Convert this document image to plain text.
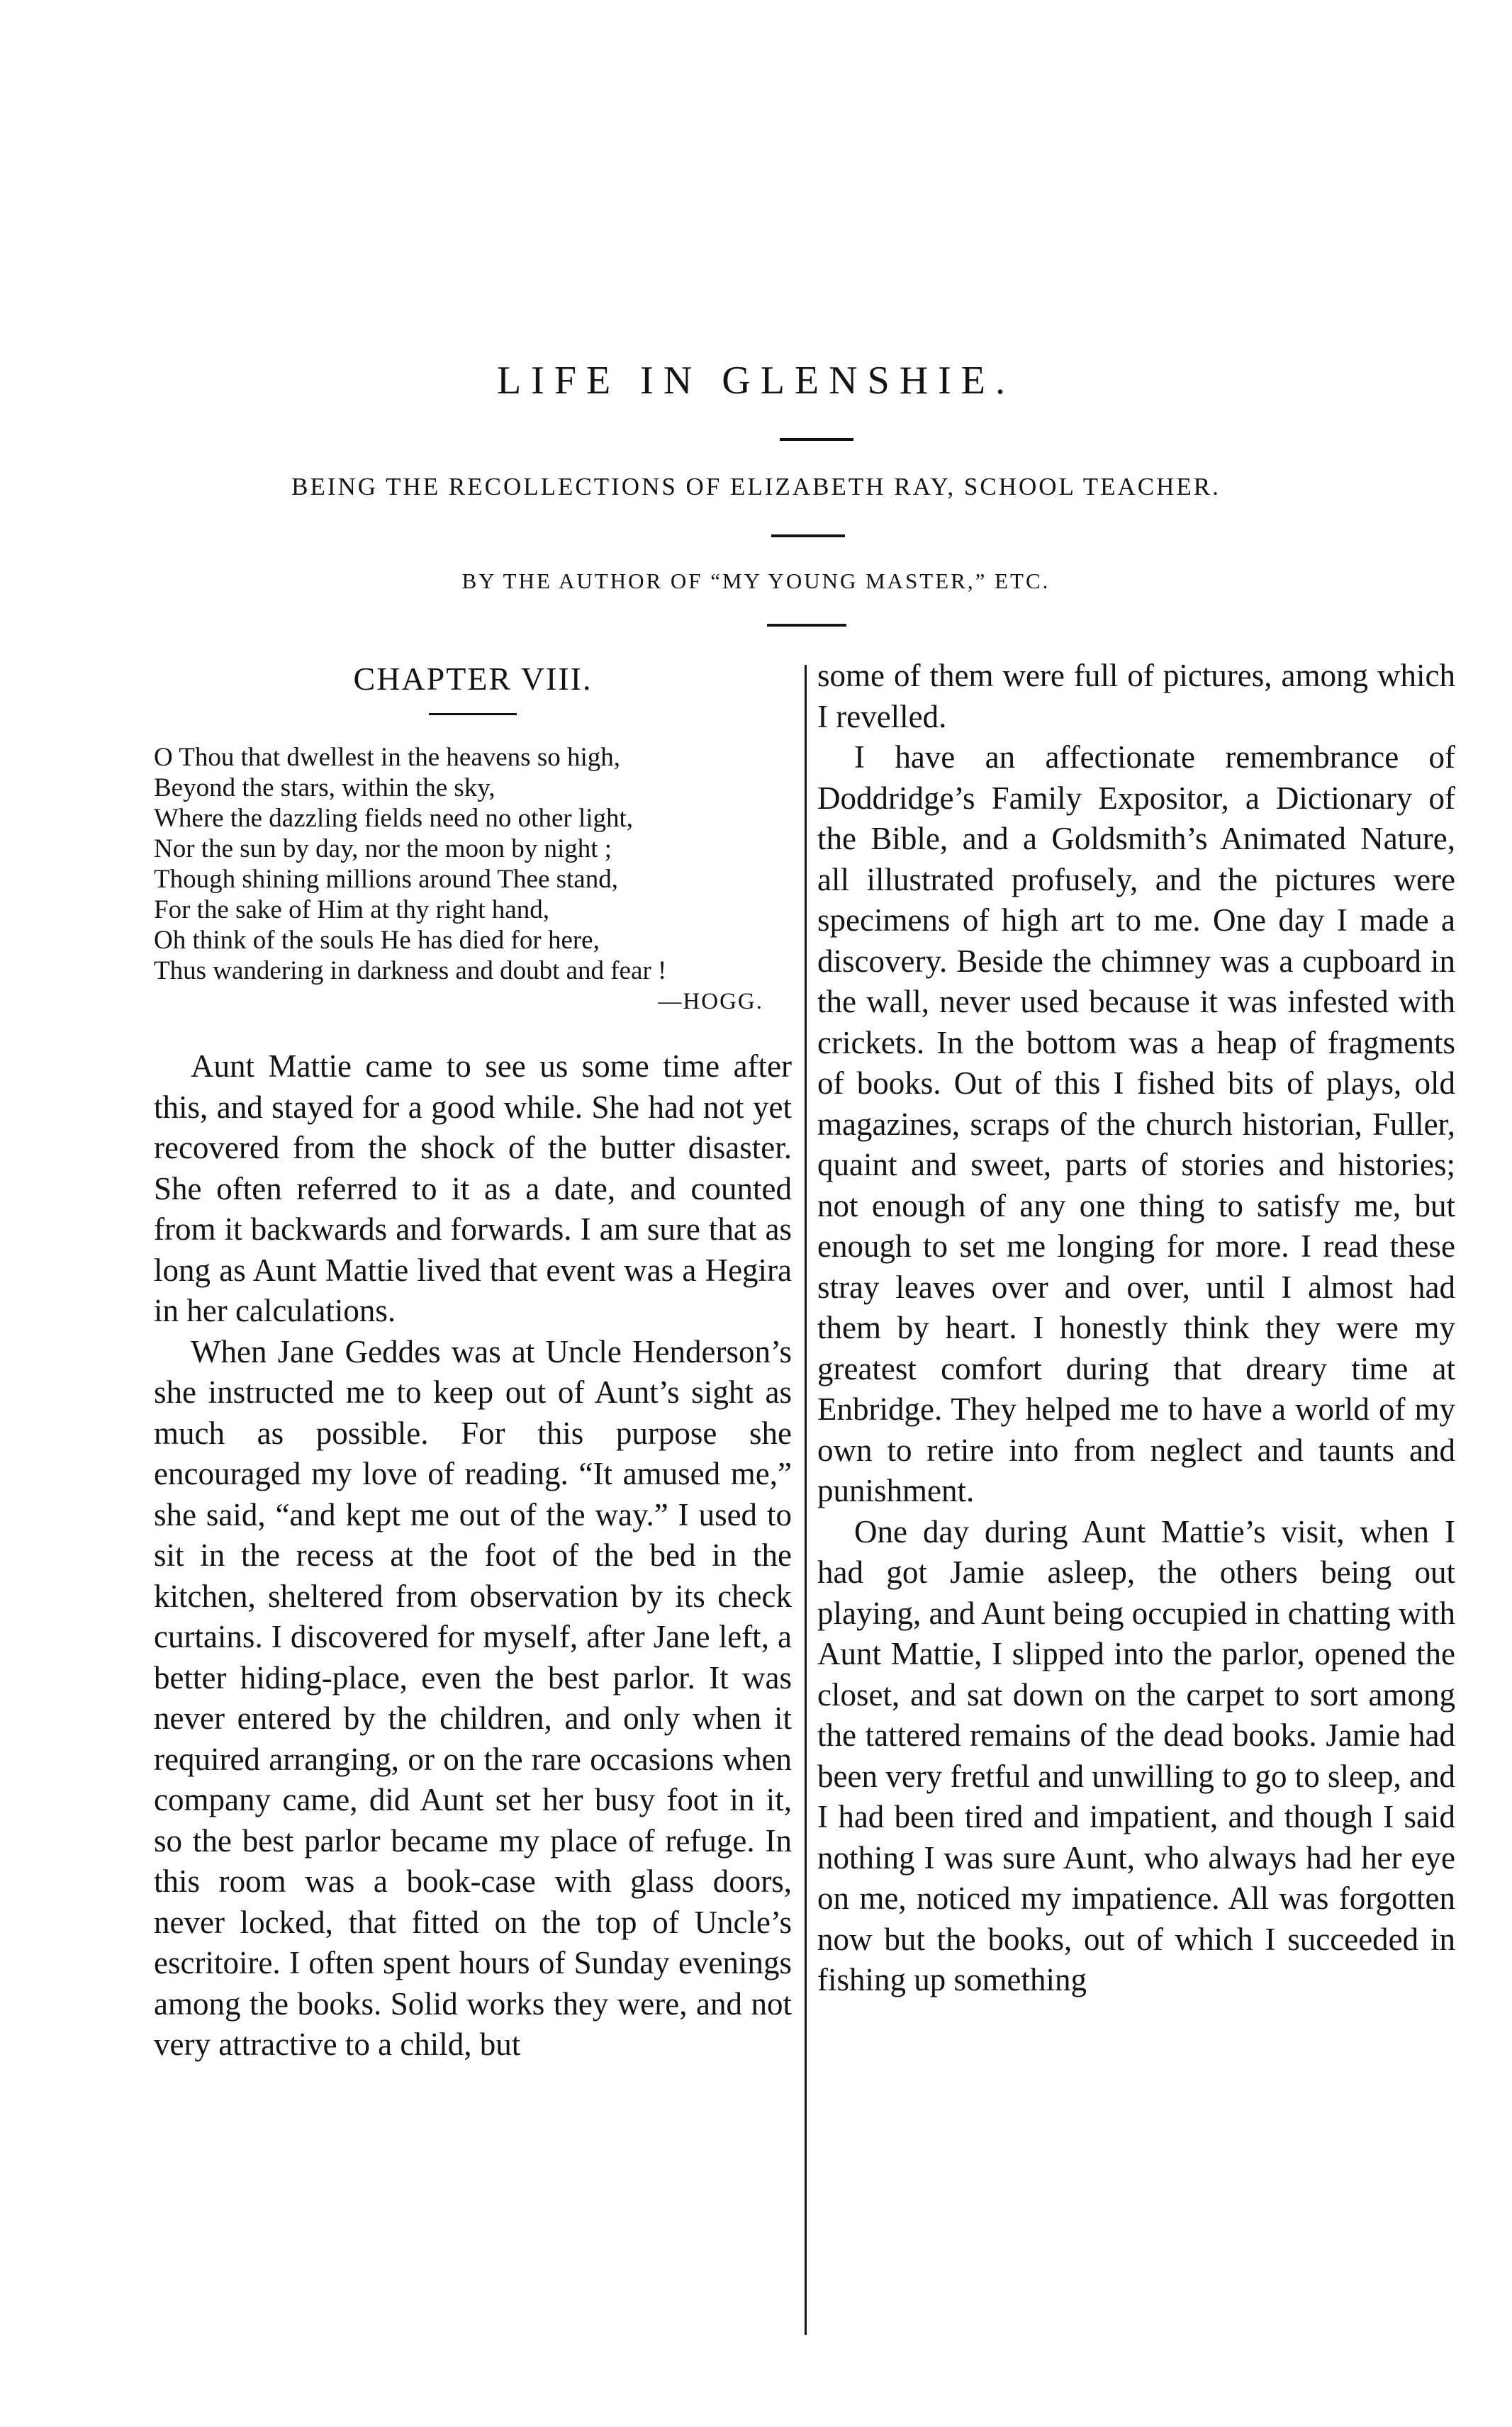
LIFE IN GLENSHIE.
BEING THE RECOLLECTIONS OF ELIZABETH RAY, SCHOOL TEACHER.
BY THE AUTHOR OF “MY YOUNG MASTER,” ETC.
CHAPTER VIII.
O Thou that dwellest in the heavens so high,
Beyond the stars, within the sky,
Where the dazzling fields need no other light,
Nor the sun by day, nor the moon by night ;
Though shining millions around Thee stand,
For the sake of Him at thy right hand,
Oh think of the souls He has died for here,
Thus wandering in darkness and doubt and fear !
—HOGG.

Aunt Mattie came to see us some time after this, and stayed for a good while. She had not yet recovered from the shock of the butter disaster. She often referred to it as a date, and counted from it backwards and forwards. I am sure that as long as Aunt Mattie lived that event was a Hegira in her calculations.

When Jane Geddes was at Uncle Henderson’s she instructed me to keep out of Aunt’s sight as much as possible. For this purpose she encouraged my love of reading. “It amused me,” she said, “and kept me out of the way.” I used to sit in the recess at the foot of the bed in the kitchen, sheltered from observation by its check curtains. I discovered for myself, after Jane left, a better hiding-place, even the best parlor. It was never entered by the children, and only when it required arranging, or on the rare occasions when company came, did Aunt set her busy foot in it, so the best parlor became my place of refuge. In this room was a book-case with glass doors, never locked, that fitted on the top of Uncle’s escritoire. I often spent hours of Sunday evenings among the books. Solid works they were, and not very attractive to a child, but

some of them were full of pictures, among which I revelled.

I have an affectionate remembrance of Doddridge’s Family Expositor, a Dictionary of the Bible, and a Goldsmith’s Animated Nature, all illustrated profusely, and the pictures were specimens of high art to me. One day I made a discovery. Beside the chimney was a cupboard in the wall, never used because it was infested with crickets. In the bottom was a heap of fragments of books. Out of this I fished bits of plays, old magazines, scraps of the church historian, Fuller, quaint and sweet, parts of stories and histories; not enough of any one thing to satisfy me, but enough to set me longing for more. I read these stray leaves over and over, until I almost had them by heart. I honestly think they were my greatest comfort during that dreary time at Enbridge. They helped me to have a world of my own to retire into from neglect and taunts and punishment.

One day during Aunt Mattie’s visit, when I had got Jamie asleep, the others being out playing, and Aunt being occupied in chatting with Aunt Mattie, I slipped into the parlor, opened the closet, and sat down on the carpet to sort among the tattered remains of the dead books. Jamie had been very fretful and unwilling to go to sleep, and I had been tired and impatient, and though I said nothing I was sure Aunt, who always had her eye on me, noticed my impatience. All was forgotten now but the books, out of which I succeeded in fishing up something
